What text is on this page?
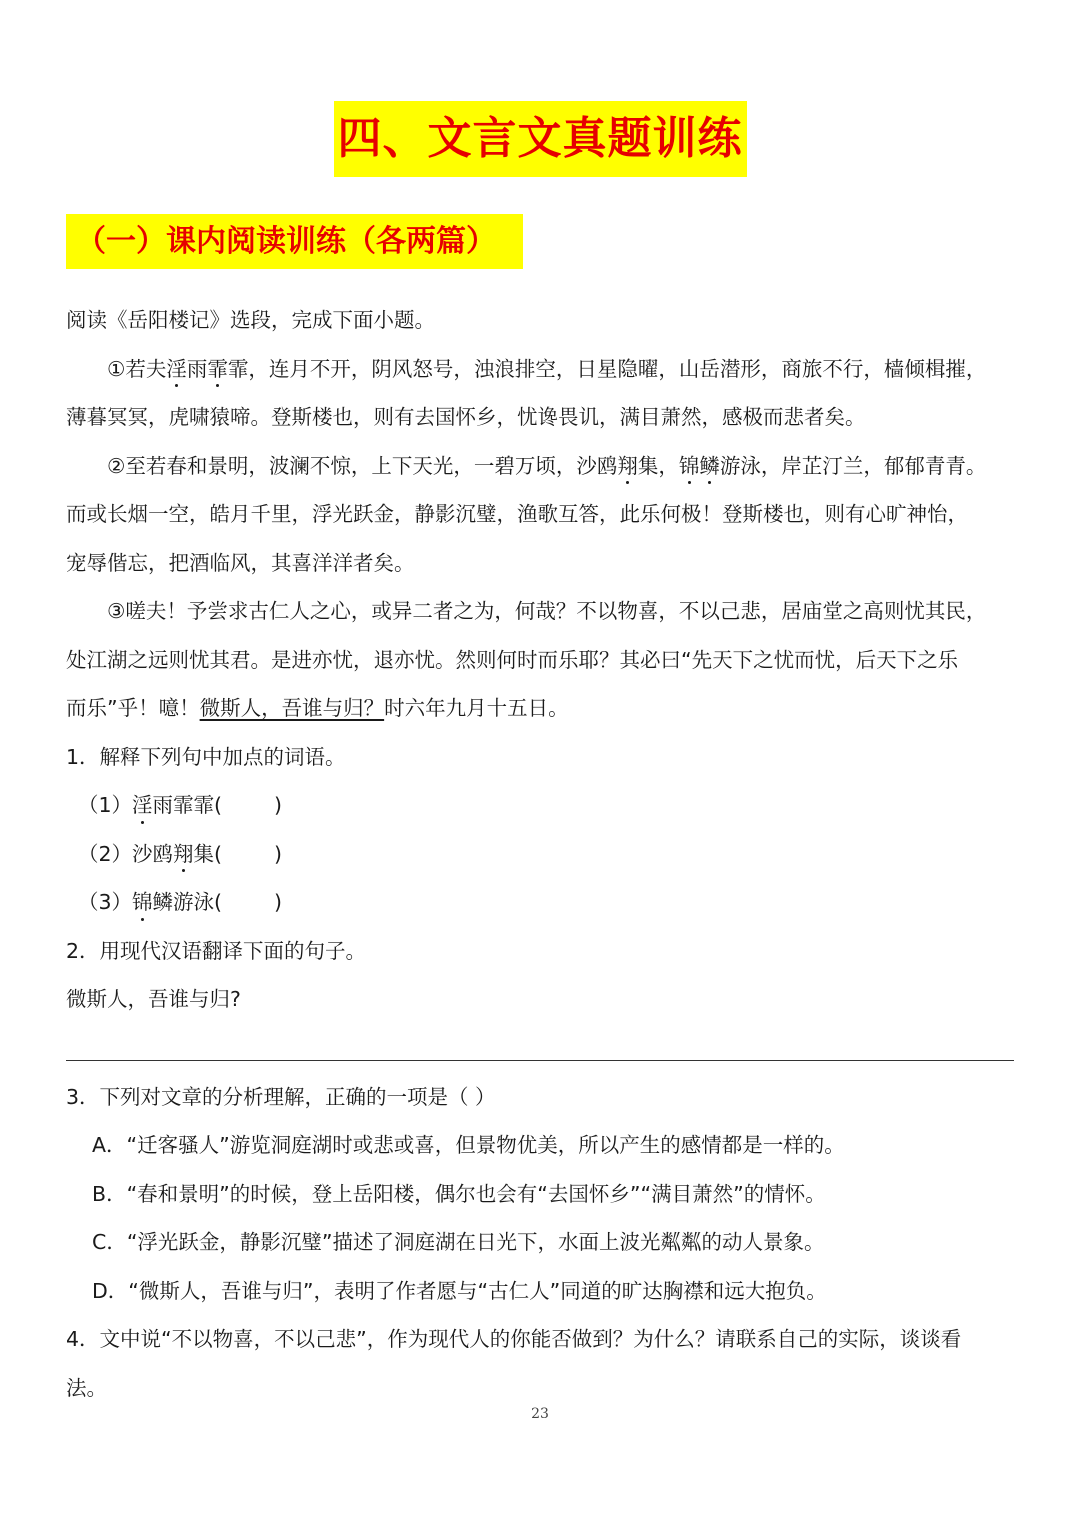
四、文言文真题训练
（一）课内阅读训练（各两篇）
阅读《岳阳楼记》选段，完成下面小题。
①若夫淫雨霏霏，连月不开，阴风怒号，浊浪排空，日星隐曜，山岳潜形，商旅不行，樯倾楫摧，
薄暮冥冥，虎啸猿啼。登斯楼也，则有去国怀乡，忧谗畏讥，满目萧然，感极而悲者矣。
②至若春和景明，波澜不惊，上下天光，一碧万顷，沙鸥翔集，锦鳞游泳，岸芷汀兰，郁郁青青。
而或长烟一空，皓月千里，浮光跃金，静影沉璧，渔歌互答，此乐何极！登斯楼也，则有心旷神怡，
宠辱偕忘，把酒临风，其喜洋洋者矣。
③嗟夫！予尝求古仁人之心，或异二者之为，何哉？不以物喜，不以己悲，居庙堂之高则忧其民，
处江湖之远则忧其君。是进亦忧，退亦忧。然则何时而乐耶？其必曰“先天下之忧而忧，后天下之乐
而乐”乎！噫！微斯人，吾谁与归？时六年九月十五日。
1．解释下列句中加点的词语。
（1）淫雨霏霏(	)
（2）沙鸥翔集(	)
（3）锦鳞游泳(	)
2．用现代汉语翻译下面的句子。
微斯人，吾谁与归?
3．下列对文章的分析理解，正确的一项是（ ）
A．“迁客骚人”游览洞庭湖时或悲或喜，但景物优美，所以产生的感情都是一样的。
B．“春和景明”的时候，登上岳阳楼，偶尔也会有“去国怀乡”“满目萧然”的情怀。
C．“浮光跃金，静影沉璧”描述了洞庭湖在日光下，水面上波光粼粼的动人景象。
D．“微斯人，吾谁与归”，表明了作者愿与“古仁人”同道的旷达胸襟和远大抱负。
4．文中说“不以物喜，不以己悲”，作为现代人的你能否做到？为什么？请联系自己的实际，谈谈看
法。
23
